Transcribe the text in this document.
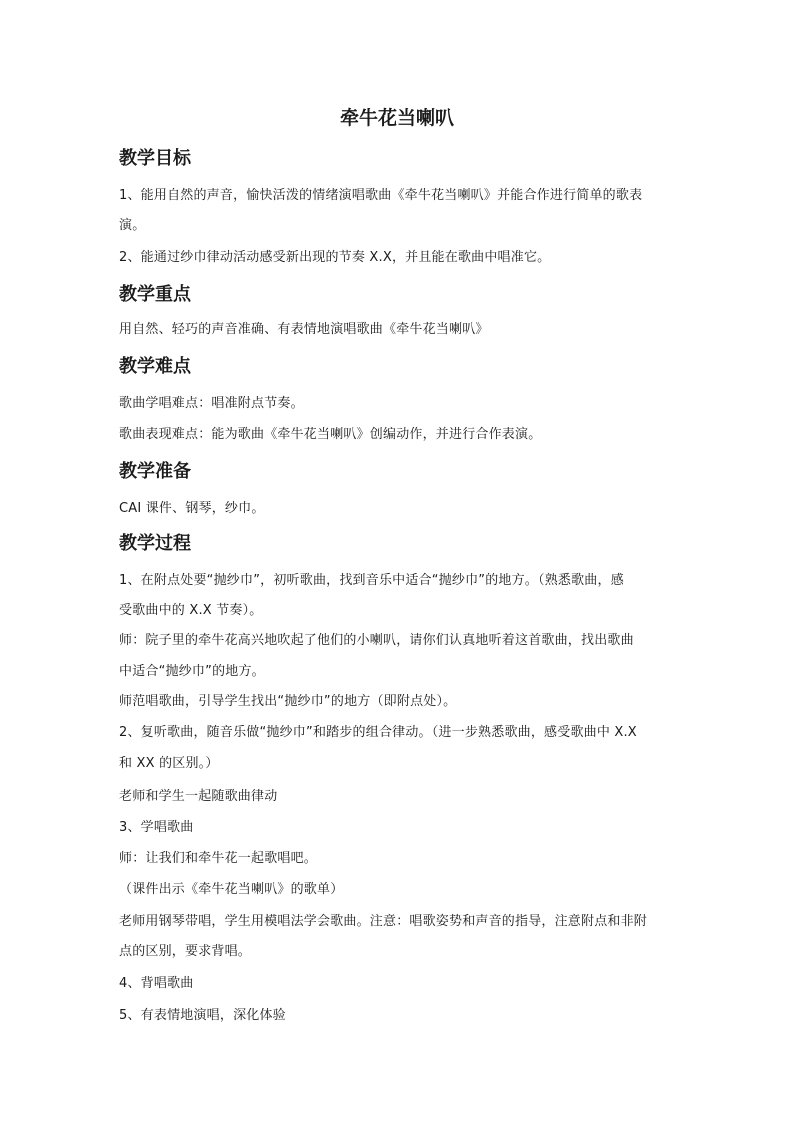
牵牛花当喇叭
教学目标

1、能用自然的声音，愉快活泼的情绪演唱歌曲《牵牛花当喇叭》并能合作进行简单的歌表

演。

2、能通过纱巾律动活动感受新出现的节奏 X.X，并且能在歌曲中唱准它。

教学重点

用自然、轻巧的声音准确、有表情地演唱歌曲《牵牛花当喇叭》

教学难点

歌曲学唱难点：唱准附点节奏。

歌曲表现难点：能为歌曲《牵牛花当喇叭》创编动作，并进行合作表演。

教学准备

CAI 课件、钢琴，纱巾。

教学过程

1、在附点处要“抛纱巾”，初听歌曲，找到音乐中适合“抛纱巾”的地方。（熟悉歌曲，感

受歌曲中的 X.X 节奏）。

师：院子里的牵牛花高兴地吹起了他们的小喇叭，请你们认真地听着这首歌曲，找出歌曲

中适合“抛纱巾”的地方。

师范唱歌曲，引导学生找出“抛纱巾”的地方（即附点处）。

2、复听歌曲，随音乐做“抛纱巾”和踏步的组合律动。（进一步熟悉歌曲，感受歌曲中 X.X

和 XX 的区别。）

老师和学生一起随歌曲律动

3、学唱歌曲

师：让我们和牵牛花一起歌唱吧。

（课件出示《牵牛花当喇叭》的歌单）

老师用钢琴带唱，学生用模唱法学会歌曲。注意：唱歌姿势和声音的指导，注意附点和非附

点的区别，要求背唱。

4、背唱歌曲

5、有表情地演唱，深化体验
